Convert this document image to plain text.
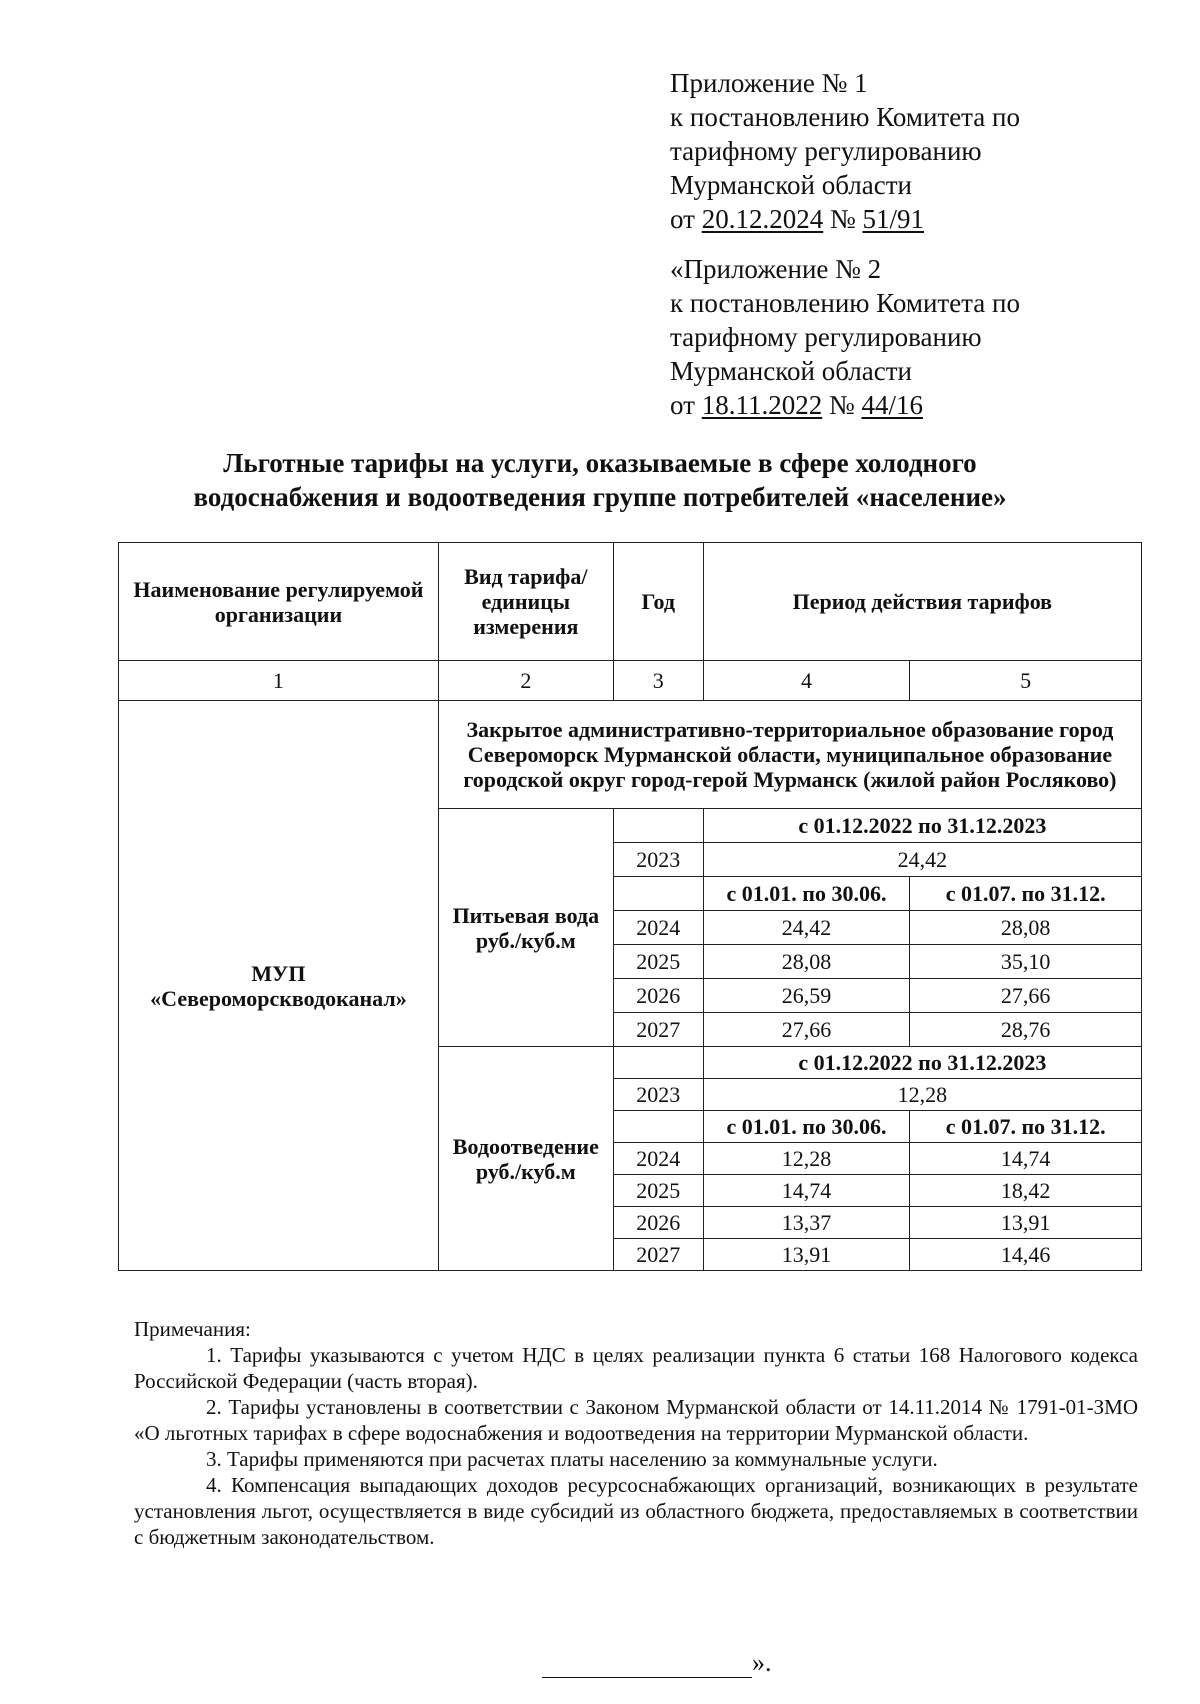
Приложение № 1
к постановлению Комитета по
тарифному регулированию
Мурманской области
от 20.12.2024 № 51/91
«Приложение № 2
к постановлению Комитета по
тарифному регулированию
Мурманской области
от 18.11.2022 № 44/16
Льготные тарифы на услуги, оказываемые в сфере холодного
водоснабжения и водоотведения группе потребителей «население»
Наименование регулируемой организации	Вид тарифа/единицы измерения	Год	Период действия тарифов	
1	2	3	4	5
МУП «Североморскводоканал»	Закрытое административно-территориальное образование город Североморск Мурманской области, муниципальное образование городской округ город-герой Мурманск (жилой район Росляково)			
	Питьевая вода руб./куб.м		с 01.12.2022 по 31.12.2023	
		2023	24,42	
			с 01.01. по 30.06.	с 01.07. по 31.12.
		2024	24,42	28,08
		2025	28,08	35,10
		2026	26,59	27,66
		2027	27,66	28,76
	Водоотведение руб./куб.м		с 01.12.2022 по 31.12.2023	
		2023	12,28	
			с 01.01. по 30.06.	с 01.07. по 31.12.
		2024	12,28	14,74
		2025	14,74	18,42
		2026	13,37	13,91
		2027	13,91	14,46

Примечания:

1. Тарифы указываются с учетом НДС в целях реализации пункта 6 статьи 168 Налогового кодекса Российской Федерации (часть вторая).

2. Тарифы установлены в соответствии с Законом Мурманской области от 14.11.2014 № 1791-01-ЗМО «О льготных тарифах в сфере водоснабжения и водоотведения на территории Мурманской области.

3. Тарифы применяются при расчетах платы населению за коммунальные услуги.

4. Компенсация выпадающих доходов ресурсоснабжающих организаций, возникающих в результате установления льгот, осуществляется в виде субсидий из областного бюджета, предоставляемых в соответствии с бюджетным законодательством.

».
